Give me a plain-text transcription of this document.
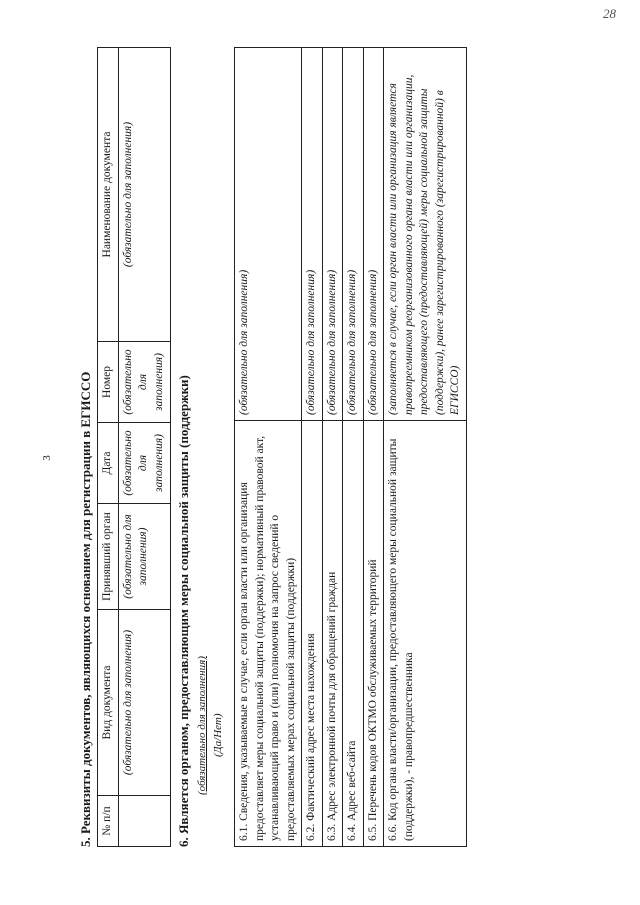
3
28
5. Реквизиты документов, являющихся основанием для регистрации в ЕГИССО № п/п	Вид документа	Принявший орган	Дата	Номер	Наименование документа
	(обязательно для заполнения)	(обязательно для заполнения)	(обязательно для заполнения)	(обязательно для заполнения)	(обязательно для заполнения)
6. Является органом, предоставляющим меры социальной защиты (поддержки) (обязательно для заполнения) (Да/Нет) 6.1. Сведения, указываемые в случае, если орган власти или организация предоставляет меры социальной защиты (поддержки); нормативный правовой акт, устанавливающий право и (или) полномочия на запрос сведений о предоставляемых мерах социальной защиты (поддержки)	(обязательно для заполнения)
6.2. Фактический адрес места нахождения	(обязательно для заполнения)
6.3. Адрес электронной почты для обращений граждан	(обязательно для заполнения)
6.4. Адрес веб-сайта	(обязательно для заполнения)
6.5. Перечень кодов ОКТМО обслуживаемых территорий	(обязательно для заполнения)
6.6. Код органа власти/организации, предоставляющего меры социальной защиты (поддержки), - правопредшественника	(заполняется в случае, если орган власти или организация является правопреемником реорганизованного органа власти или организации, предоставляющего (предоставляющей) меры социальной защиты (поддержки), ранее зарегистрированного (зарегистрированной) в ЕГИССО)
